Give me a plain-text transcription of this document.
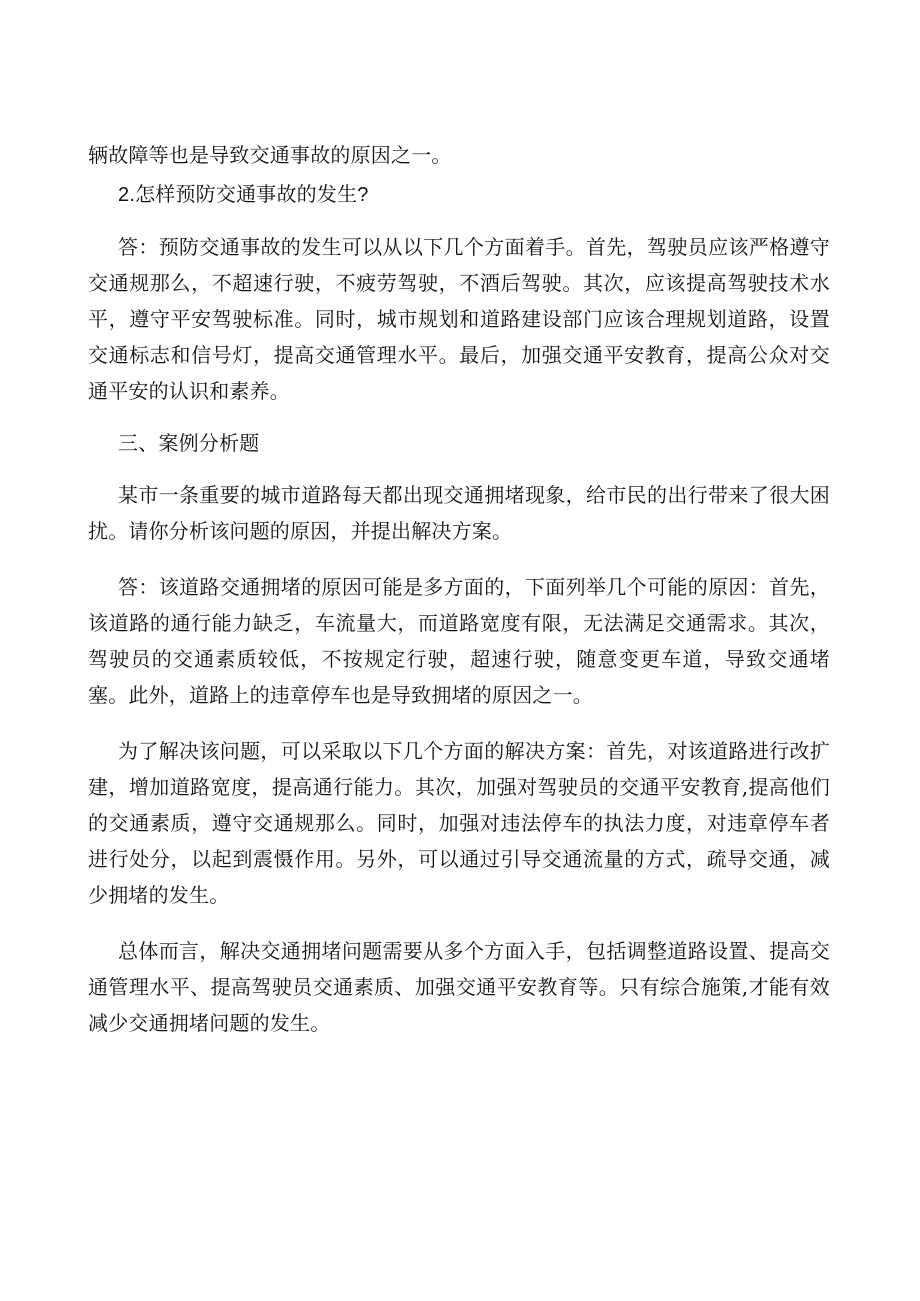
辆故障等也是导致交通事故的原因之一。

2.怎样预防交通事故的发生?

答：预防交通事故的发生可以从以下几个方面着手。首先，驾驶员应该严格遵守交通规那么，不超速行驶，不疲劳驾驶，不酒后驾驶。其次，应该提高驾驶技术水平，遵守平安驾驶标准。同时，城市规划和道路建设部门应该合理规划道路，设置交通标志和信号灯，提高交通管理水平。最后，加强交通平安教育，提高公众对交通平安的认识和素养。

三、案例分析题

某市一条重要的城市道路每天都出现交通拥堵现象，给市民的出行带来了很大困扰。请你分析该问题的原因，并提出解决方案。

答：该道路交通拥堵的原因可能是多方面的，下面列举几个可能的原因：首先，该道路的通行能力缺乏，车流量大，而道路宽度有限，无法满足交通需求。其次，驾驶员的交通素质较低，不按规定行驶，超速行驶，随意变更车道，导致交通堵塞。此外，道路上的违章停车也是导致拥堵的原因之一。

为了解决该问题，可以采取以下几个方面的解决方案：首先，对该道路进行改扩建，增加道路宽度，提高通行能力。其次，加强对驾驶员的交通平安教育,提高他们的交通素质，遵守交通规那么。同时，加强对违法停车的执法力度，对违章停车者进行处分，以起到震慑作用。另外，可以通过引导交通流量的方式，疏导交通，减少拥堵的发生。

总体而言，解决交通拥堵问题需要从多个方面入手，包括调整道路设置、提高交通管理水平、提高驾驶员交通素质、加强交通平安教育等。只有综合施策,才能有效减少交通拥堵问题的发生。
